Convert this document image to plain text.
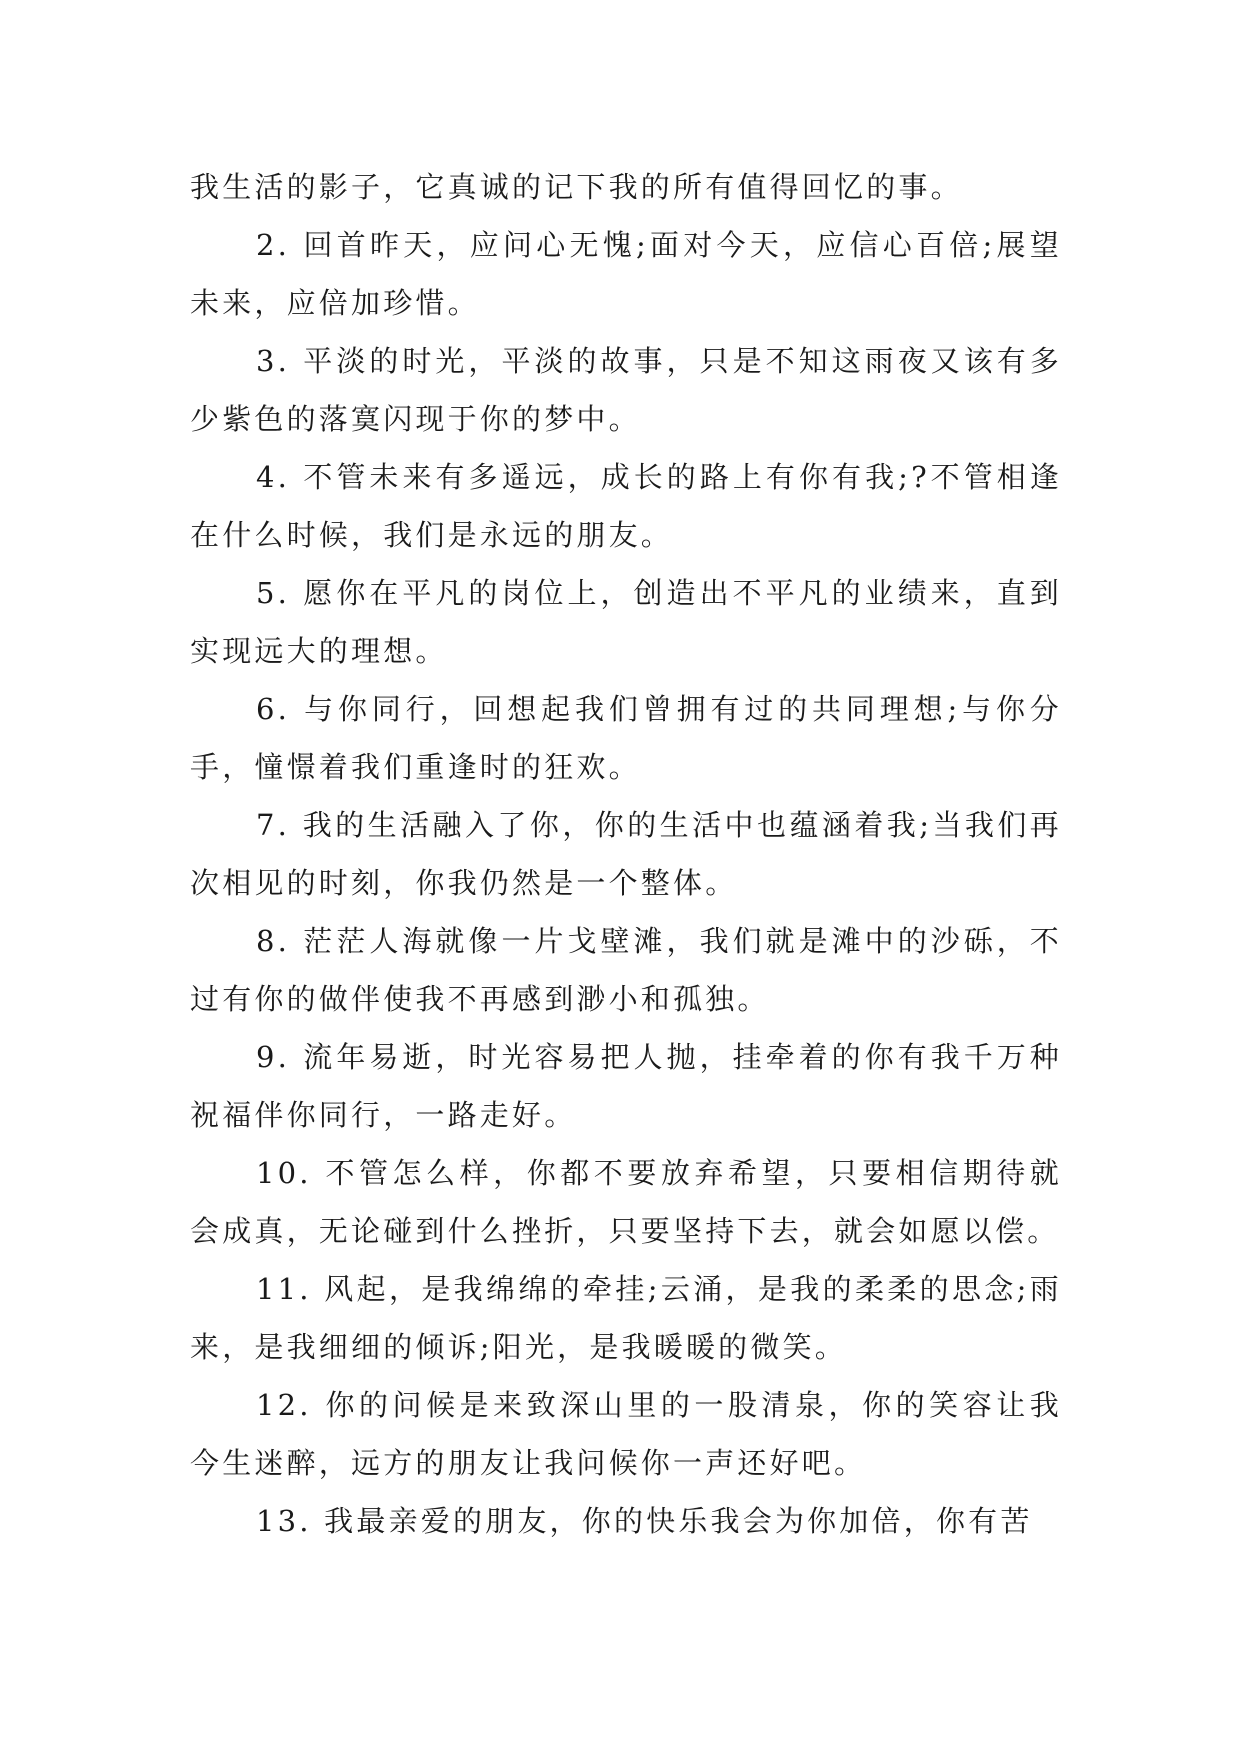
我生活的影子，它真诚的记下我的所有值得回忆的事。

2. 回首昨天，应问心无愧;面对今天，应信心百倍;展望未来，应倍加珍惜。

3. 平淡的时光，平淡的故事，只是不知这雨夜又该有多少紫色的落寞闪现于你的梦中。

4. 不管未来有多遥远，成长的路上有你有我;?不管相逢在什么时候，我们是永远的朋友。

5. 愿你在平凡的岗位上，创造出不平凡的业绩来，直到实现远大的理想。

6. 与你同行，回想起我们曾拥有过的共同理想;与你分手，憧憬着我们重逢时的狂欢。

7. 我的生活融入了你，你的生活中也蕴涵着我;当我们再次相见的时刻，你我仍然是一个整体。

8. 茫茫人海就像一片戈壁滩，我们就是滩中的沙砾，不过有你的做伴使我不再感到渺小和孤独。

9. 流年易逝，时光容易把人抛，挂牵着的你有我千万种祝福伴你同行，一路走好。

10. 不管怎么样，你都不要放弃希望，只要相信期待就会成真，无论碰到什么挫折，只要坚持下去，就会如愿以偿。

11. 风起，是我绵绵的牵挂;云涌，是我的柔柔的思念;雨来，是我细细的倾诉;阳光，是我暖暖的微笑。

12. 你的问候是来致深山里的一股清泉，你的笑容让我今生迷醉，远方的朋友让我问候你一声还好吧。

13. 我最亲爱的朋友，你的快乐我会为你加倍，你有苦
